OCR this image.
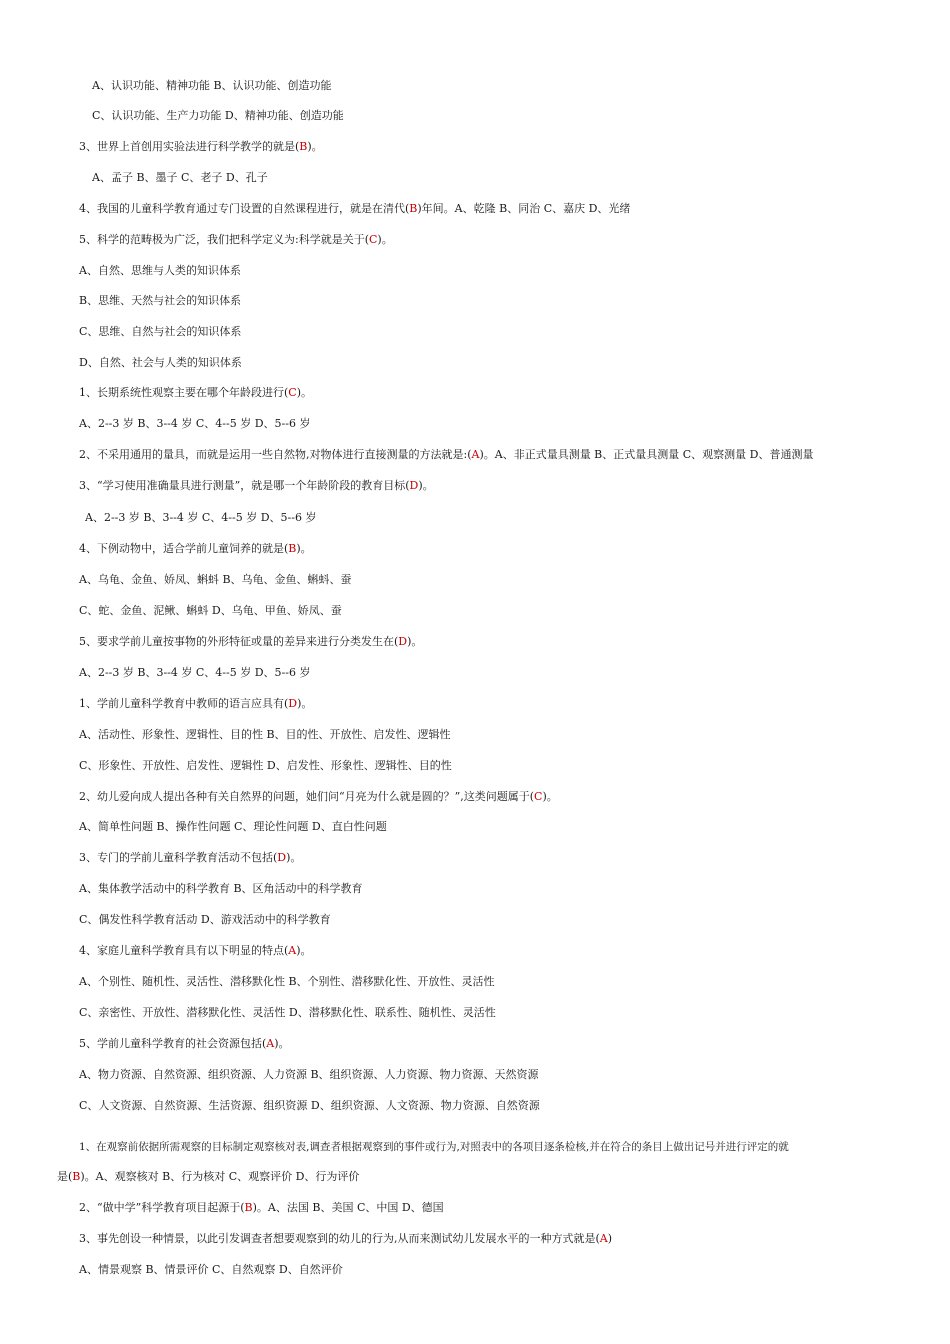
A、认识功能、精神功能 B、认识功能、创造功能
C、认识功能、生产力功能 D、精神功能、创造功能
3、世界上首创用实验法进行科学教学的就是(B)。
A、孟子 B、墨子 C、老子 D、孔子
4、我国的儿童科学教育通过专门设置的自然课程进行，就是在清代(B)年间。A、乾隆 B、同治 C、嘉庆 D、光绪
5、科学的范畴极为广泛，我们把科学定义为:科学就是关于(C)。
A、自然、思维与人类的知识体系
B、思维、天然与社会的知识体系
C、思维、自然与社会的知识体系
D、自然、社会与人类的知识体系
1、长期系统性观察主要在哪个年龄段进行(C)。
A、2--3 岁 B、3--4 岁 C、4--5 岁 D、5--6 岁
2、不采用通用的量具，而就是运用一些自然物,对物体进行直接测量的方法就是:(A)。A、非正式量具测量 B、正式量具测量 C、观察测量 D、普通测量
3、“学习使用准确量具进行测量”，就是哪一个年龄阶段的教育目标(D)。
A、2--3 岁 B、3--4 岁 C、4--5 岁 D、5--6 岁
4、下例动物中，适合学前儿童饲养的就是(B)。
A、乌龟、金鱼、娇凤、蝌蚪 B、乌龟、金鱼、蝌蚪、蚕
C、蛇、金鱼、泥鳅、蝌蚪 D、乌龟、甲鱼、娇凤、蚕
5、要求学前儿童按事物的外形特征或量的差异来进行分类发生在(D)。
A、2--3 岁 B、3--4 岁 C、4--5 岁 D、5--6 岁
1、学前儿童科学教育中教师的语言应具有(D)。
A、活动性、形象性、逻辑性、目的性 B、目的性、开放性、启发性、逻辑性
C、形象性、开放性、启发性、逻辑性 D、启发性、形象性、逻辑性、目的性
2、幼儿爱向成人提出各种有关自然界的问题，她们问“月亮为什么就是圆的？”,这类问题属于(C)。
A、简单性问题 B、操作性问题 C、理论性问题 D、直白性问题
3、专门的学前儿童科学教育活动不包括(D)。
A、集体教学活动中的科学教育 B、区角活动中的科学教育
C、偶发性科学教育活动 D、游戏活动中的科学教育
4、家庭儿童科学教育具有以下明显的特点(A)。
A、个别性、随机性、灵活性、潜移默化性 B、个别性、潜移默化性、开放性、灵活性
C、亲密性、开放性、潜移默化性、灵活性 D、潜移默化性、联系性、随机性、灵活性
5、学前儿童科学教育的社会资源包括(A)。
A、物力资源、自然资源、组织资源、人力资源 B、组织资源、人力资源、物力资源、天然资源
C、人文资源、自然资源、生活资源、组织资源 D、组织资源、人文资源、物力资源、自然资源
1、在观察前依据所需观察的目标制定观察核对表,调查者根据观察到的事件或行为,对照表中的各项目逐条检核,并在符合的条目上做出记号并进行评定的就
是(B)。A、观察核对 B、行为核对 C、观察评价 D、行为评价
2、“做中学”科学教育项目起源于(B)。A、法国 B、美国 C、中国 D、德国
3、事先创设一种情景，以此引发调查者想要观察到的幼儿的行为,从而来测试幼儿发展水平的一种方式就是(A)
A、情景观察 B、情景评价 C、自然观察 D、自然评价
